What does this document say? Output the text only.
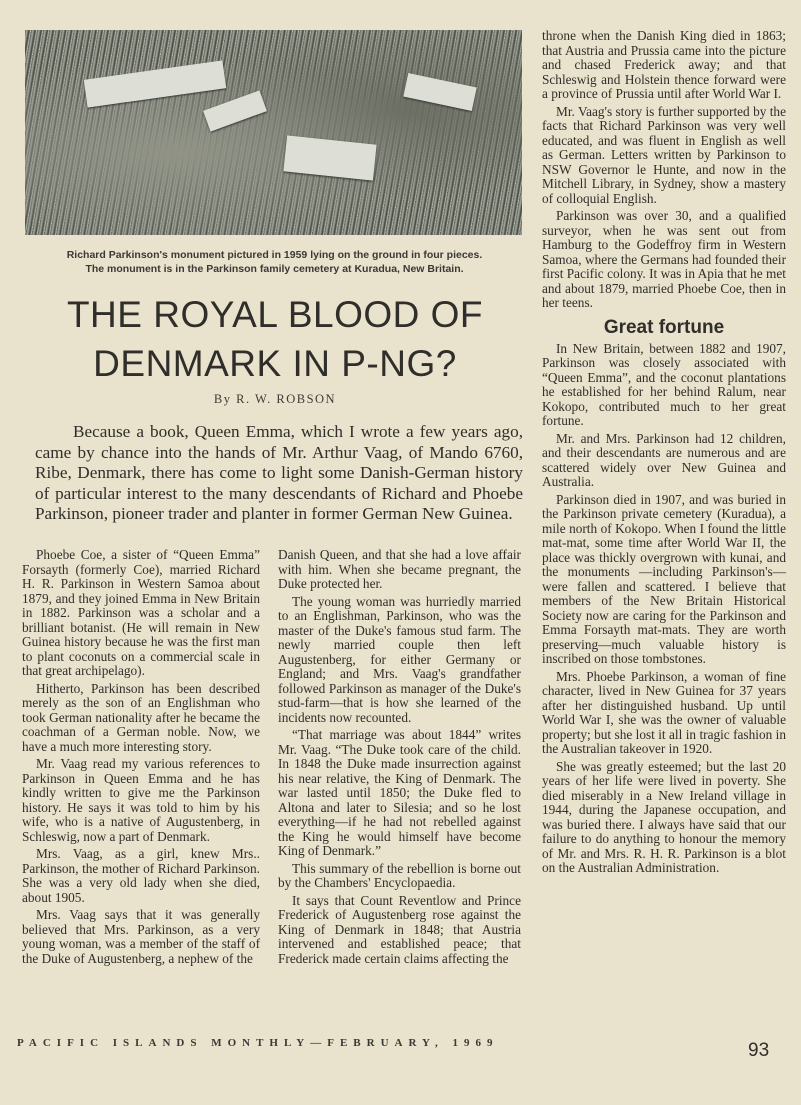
Richard Parkinson's monument pictured in 1959 lying on the ground in four pieces.
The monument is in the Parkinson family cemetery at Kuradua, New Britain.
THE ROYAL BLOOD OF
DENMARK IN P-NG?
By R. W. ROBSON

Because a book, Queen Emma, which I wrote a few years ago, came by chance into the hands of Mr. Arthur Vaag, of Mando 6760, Ribe, Denmark, there has come to light some Danish-German history of particular interest to the many descendants of Richard and Phoebe Parkinson, pioneer trader and planter in former German New Guinea.

Phoebe Coe, a sister of “Queen Emma” Forsayth (formerly Coe), married Richard H. R. Parkinson in Western Samoa about 1879, and they joined Emma in New Britain in 1882. Parkinson was a scholar and a brilliant botanist. (He will remain in New Guinea history because he was the first man to plant coconuts on a commercial scale in that great archipelago).

Hitherto, Parkinson has been described merely as the son of an Englishman who took German nationality after he became the coachman of a German noble. Now, we have a much more interesting story.

Mr. Vaag read my various references to Parkinson in Queen Emma and he has kindly written to give me the Parkinson history. He says it was told to him by his wife, who is a native of Augustenberg, in Schleswig, now a part of Denmark.

Mrs. Vaag, as a girl, knew Mrs.. Parkinson, the mother of Richard Parkinson. She was a very old lady when she died, about 1905.

Mrs. Vaag says that it was generally believed that Mrs. Parkinson, as a very young woman, was a member of the staff of the Duke of Augustenberg, a nephew of the

Danish Queen, and that she had a love affair with him. When she became pregnant, the Duke protected her.

The young woman was hurriedly married to an Englishman, Parkinson, who was the master of the Duke's famous stud farm. The newly married couple then left Augustenberg, for either Germany or England; and Mrs. Vaag's grandfather followed Parkinson as manager of the Duke's stud-farm—that is how she learned of the incidents now recounted.

“That marriage was about 1844” writes Mr. Vaag. “The Duke took care of the child. In 1848 the Duke made insurrection against his near relative, the King of Denmark. The war lasted until 1850; the Duke fled to Altona and later to Silesia; and so he lost everything—if he had not rebelled against the King he would himself have become King of Denmark.”

This summary of the rebellion is borne out by the Chambers' Encyclopaedia.

It says that Count Reventlow and Prince Frederick of Augustenberg rose against the King of Denmark in 1848; that Austria intervened and established peace; that Frederick made certain claims affecting the

throne when the Danish King died in 1863; that Austria and Prussia came into the picture and chased Frederick away; and that Schleswig and Holstein thence forward were a province of Prussia until after World War I.

Mr. Vaag's story is further supported by the facts that Richard Parkinson was very well educated, and was fluent in English as well as German. Letters written by Parkinson to NSW Governor le Hunte, and now in the Mitchell Library, in Sydney, show a mastery of colloquial English.

Parkinson was over 30, and a qualified surveyor, when he was sent out from Hamburg to the Godeffroy firm in Western Samoa, where the Germans had founded their first Pacific colony. It was in Apia that he met and about 1879, married Phoebe Coe, then in her teens.

Great fortune

In New Britain, between 1882 and 1907, Parkinson was closely associated with “Queen Emma”, and the coconut plantations he established for her behind Ralum, near Kokopo, contributed much to her great fortune.

Mr. and Mrs. Parkinson had 12 children, and their descendants are numerous and are scattered widely over New Guinea and Australia.

Parkinson died in 1907, and was buried in the Parkinson private cemetery (Kuradua), a mile north of Kokopo. When I found the little mat-mat, some time after World War II, the place was thickly overgrown with kunai, and the monuments —including Parkinson's—were fallen and scattered. I believe that members of the New Britain Historical Society now are caring for the Parkinson and Emma Forsayth mat-mats. They are worth preserving—much valuable history is inscribed on those tombstones.

Mrs. Phoebe Parkinson, a woman of fine character, lived in New Guinea for 37 years after her distinguished husband. Up until World War I, she was the owner of valuable property; but she lost it all in tragic fashion in the Australian takeover in 1920.

She was greatly esteemed; but the last 20 years of her life were lived in poverty. She died miserably in a New Ireland village in 1944, during the Japanese occupation, and was buried there. I always have said that our failure to do anything to honour the memory of Mr. and Mrs. R. H. R. Parkinson is a blot on the Australian Administration.

PACIFIC ISLANDS MONTHLY—FEBRUARY, 1969	93
